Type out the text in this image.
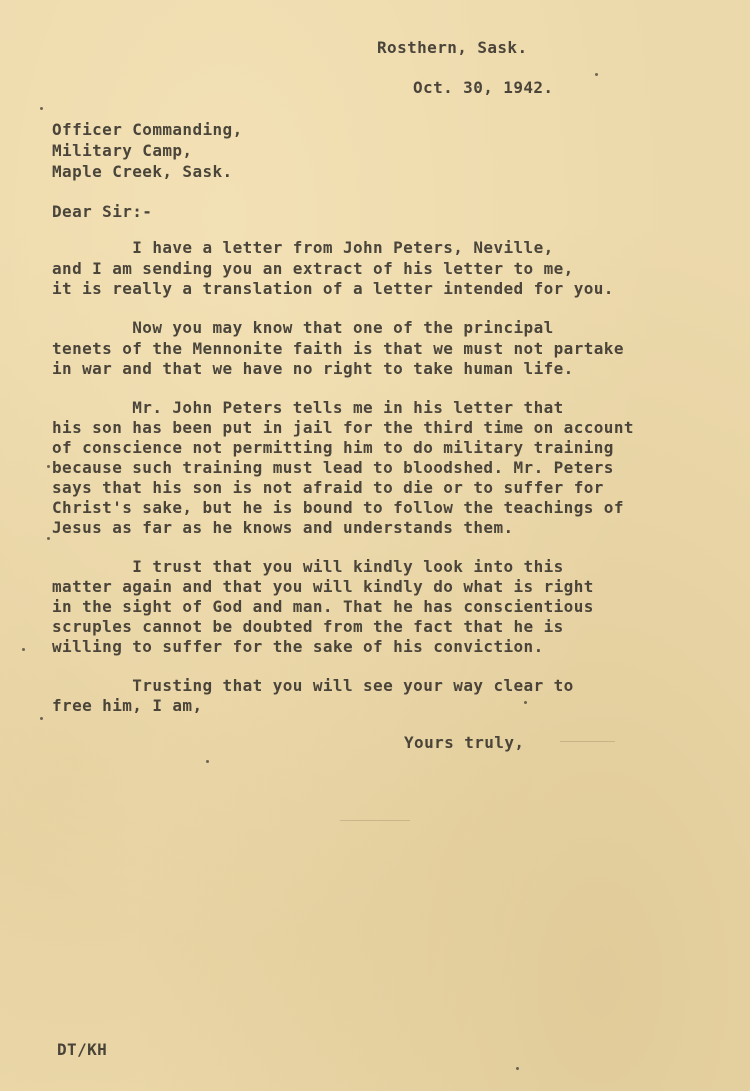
Rosthern, Sask.
Oct. 30, 1942.
Officer Commanding,
Military Camp,
Maple Creek, Sask.
Dear Sir:-
I have a letter from John Peters, Neville,
and I am sending you an extract of his letter to me,
it is really a translation of a letter intended for you.
Now you may know that one of the principal
tenets of the Mennonite faith is that we must not partake
in war and that we have no right to take human life.
Mr. John Peters tells me in his letter that
his son has been put in jail for the third time on account
of conscience not permitting him to do military training
because such training must lead to bloodshed. Mr. Peters
says that his son is not afraid to die or to suffer for
Christ's sake, but he is bound to follow the teachings of
Jesus as far as he knows and understands them.
I trust that you will kindly look into this
matter again and that you will kindly do what is right
in the sight of God and man. That he has conscientious
scruples cannot be doubted from the fact that he is
willing to suffer for the sake of his conviction.
Trusting that you will see your way clear to
free him, I am,
Yours truly,
DT/KH
